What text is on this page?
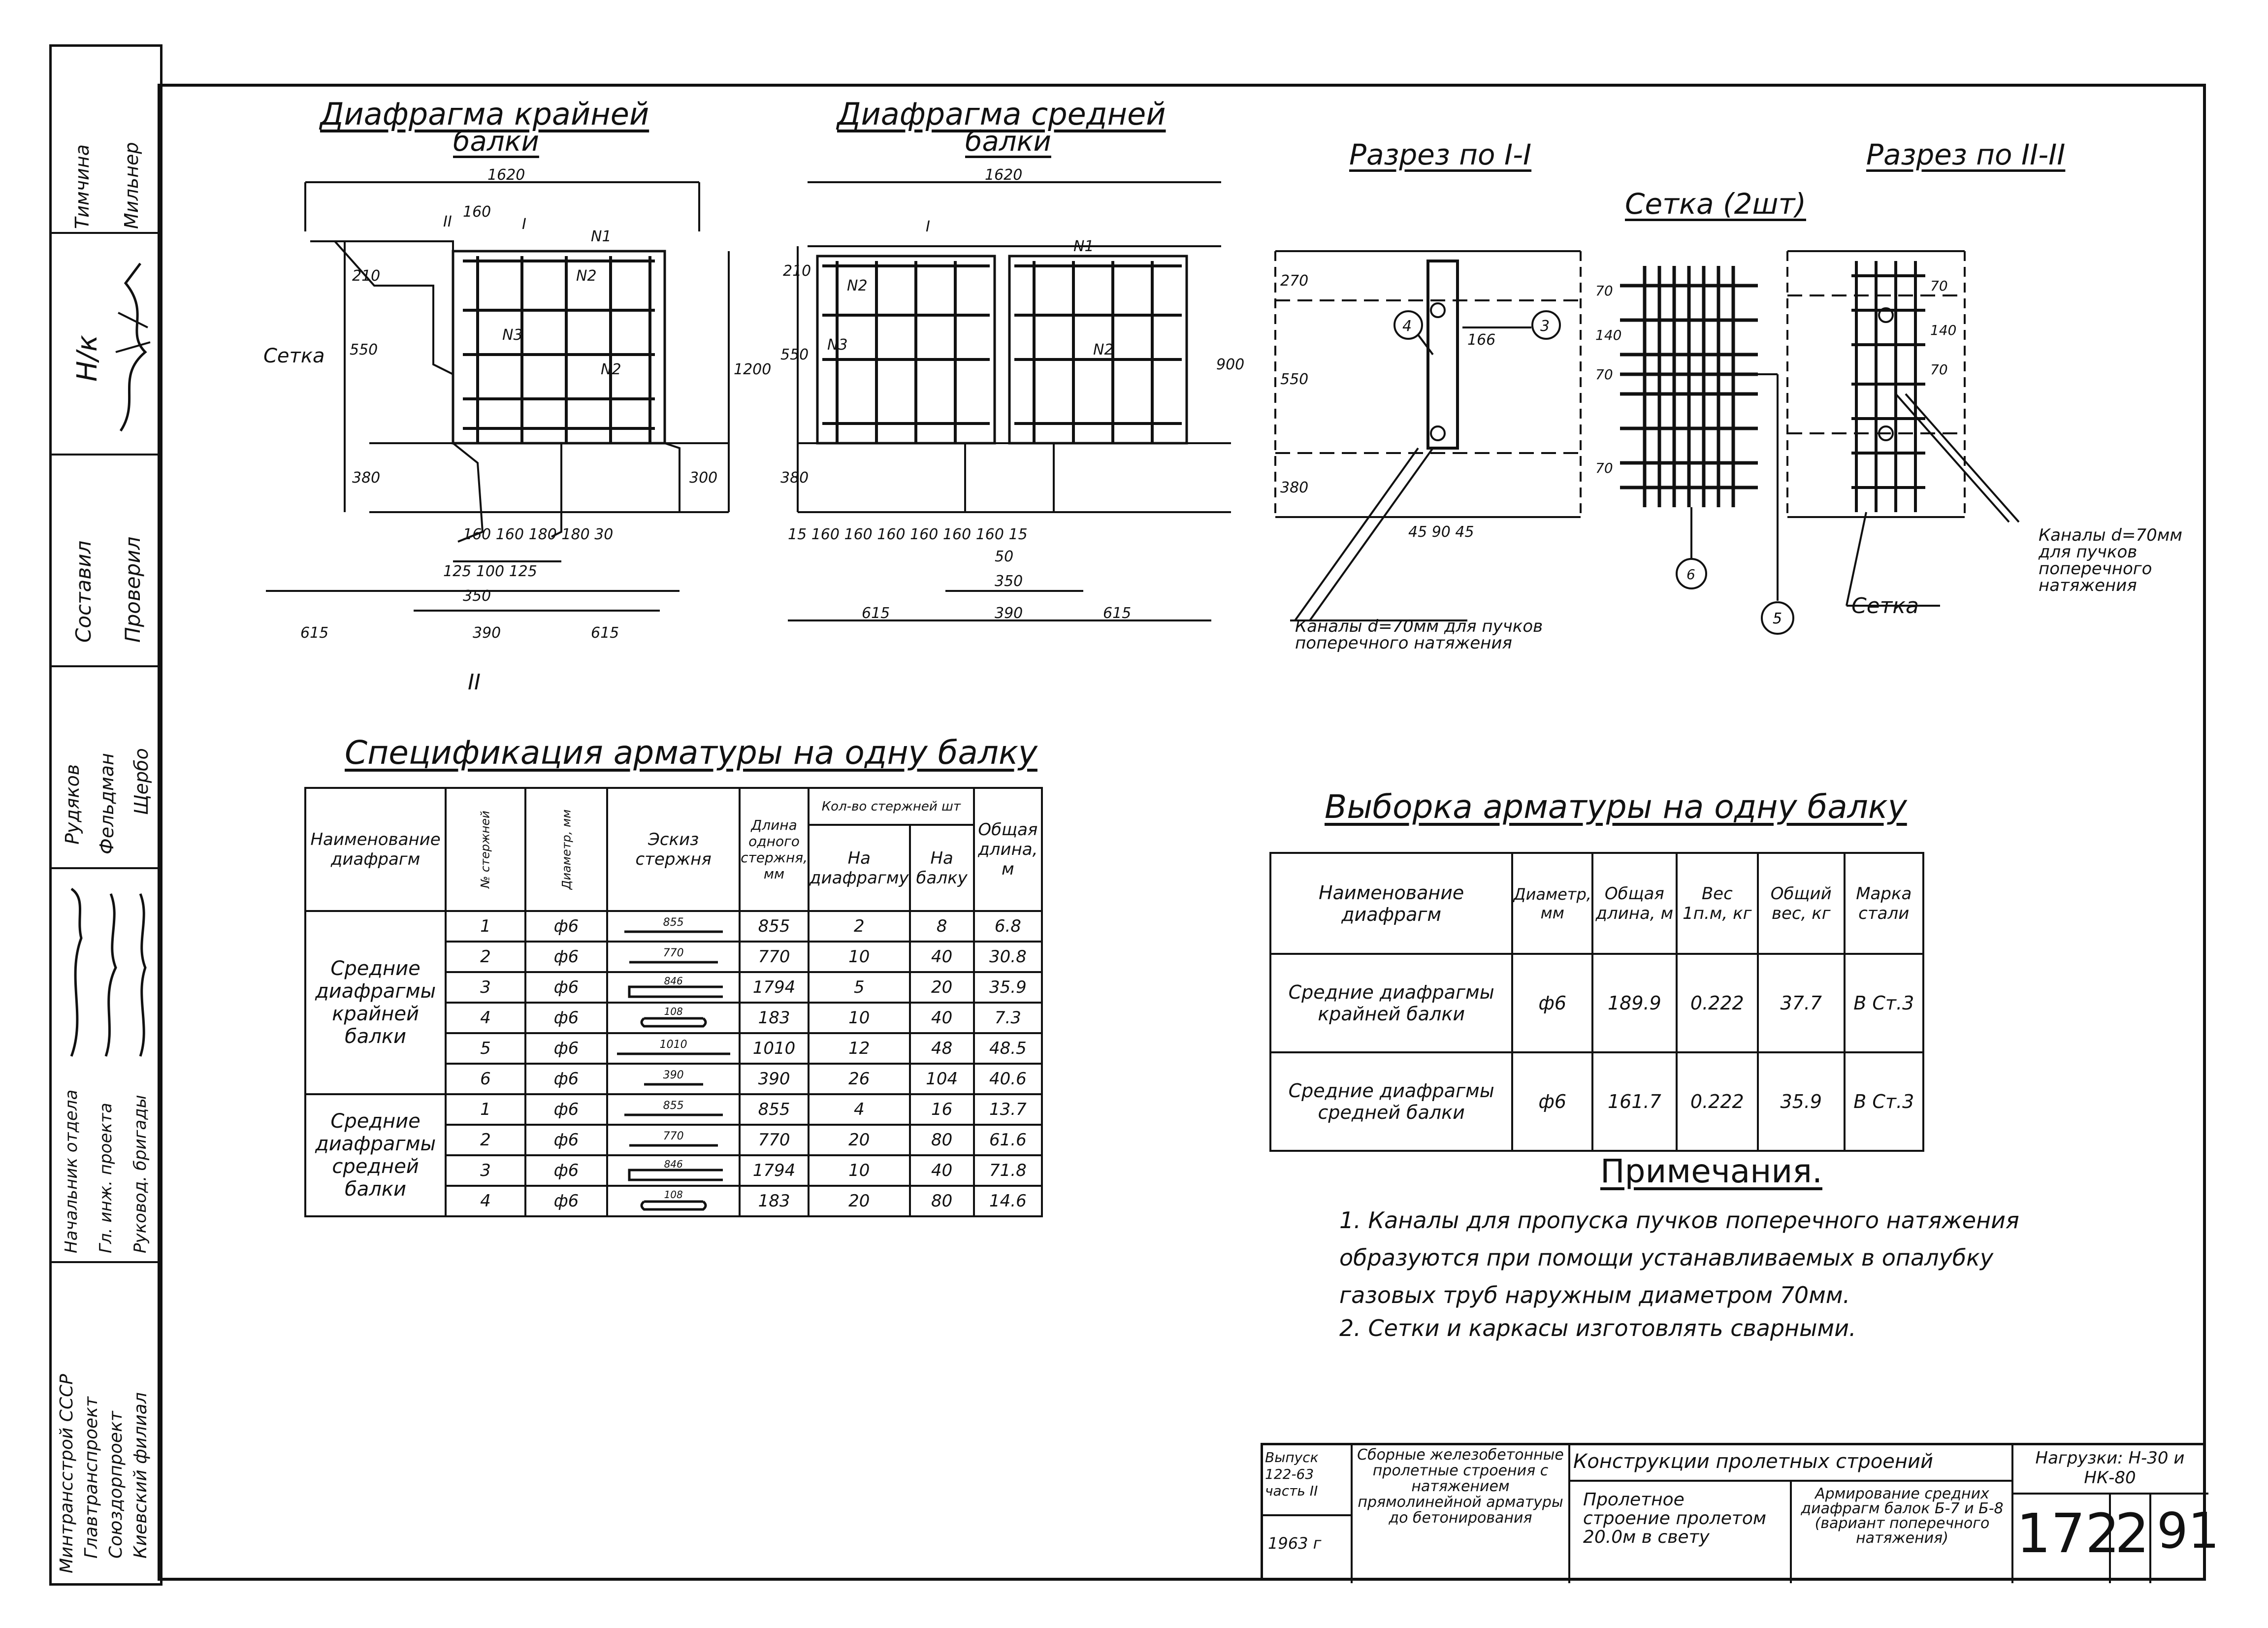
Тимчина Мильнер
Н/к
Составил Проверил
Рудяков Фельдман Щербо
Начальник отдела Гл. инж. проекта Руковод. бригады
Минтрансстрой СССР Главтранспроект Союздорпроект Киевский филиал
Диафрагма крайней
балки
1620
II
160
I
N1
N2
N3
N2
210
550
1200
380	300
160 160 180 180 30
125 100 125
350
615	390	615
II
Сетка
Диафрагма средней
балки
1620
I
N1
N2
N3	N2
210
550
900
380
15 160 160 160 160 160 160 15
50
350
615	390	615
Разрез по I-I
4	3
270
550
380
166
45 90 45
Каналы d=70мм для пучков поперечного натяжения
Сетка (2шт)
70
140
70
70
6
5
Разрез по II-II
70
140
70
Каналы d=70мм для пучков поперечного натяжения
Сетка
Спецификация арматуры на одну балку
Наименование диафрагм	№ стержней	Диаметр, мм	Эскиз стержня	Длина одного стержня, мм	Кол-во стержней шт		Общая длина, м
					На диафрагму	На балку	
Средние диафрагмы крайней балки	1	ф6	855	855	2	8	6.8
	2	ф6	770	770	10	40	30.8
	3	ф6	846	1794	5	20	35.9
	4	ф6	108	183	10	40	7.3
	5	ф6	1010	1010	12	48	48.5
	6	ф6	390	390	26	104	40.6
Средние диафрагмы средней балки	1	ф6	855	855	4	16	13.7
	2	ф6	770	770	20	80	61.6
	3	ф6	846	1794	10	40	71.8
	4	ф6	108	183	20	80	14.6
Выборка арматуры на одну балку
Наименование диафрагм	Диаметр, мм	Общая длина, м	Вес 1п.м, кг	Общий вес, кг	Марка стали
Средние диафрагмы крайней балки	ф6	189.9	0.222	37.7	В Ст.3
Средние диафрагмы средней балки	ф6	161.7	0.222	35.9	В Ст.3
Примечания.
1. Каналы для пропуска пучков поперечного натяжения образуются при помощи устанавливаемых в опалубку газовых труб наружным диаметром 70мм.
2. Сетки и каркасы изготовлять сварными.
Выпуск 122-63 часть II
1963 г
Сборные железобетонные пролетные строения с натяжением прямолинейной арматуры до бетонирования
Конструкции пролетных строений
Пролетное строение пролетом 20.0м в свету
Армирование средних диафрагм балок Б-7 и Б-8 (вариант поперечного натяжения)
Нагрузки: Н-30 и НК-80
172
2 91
